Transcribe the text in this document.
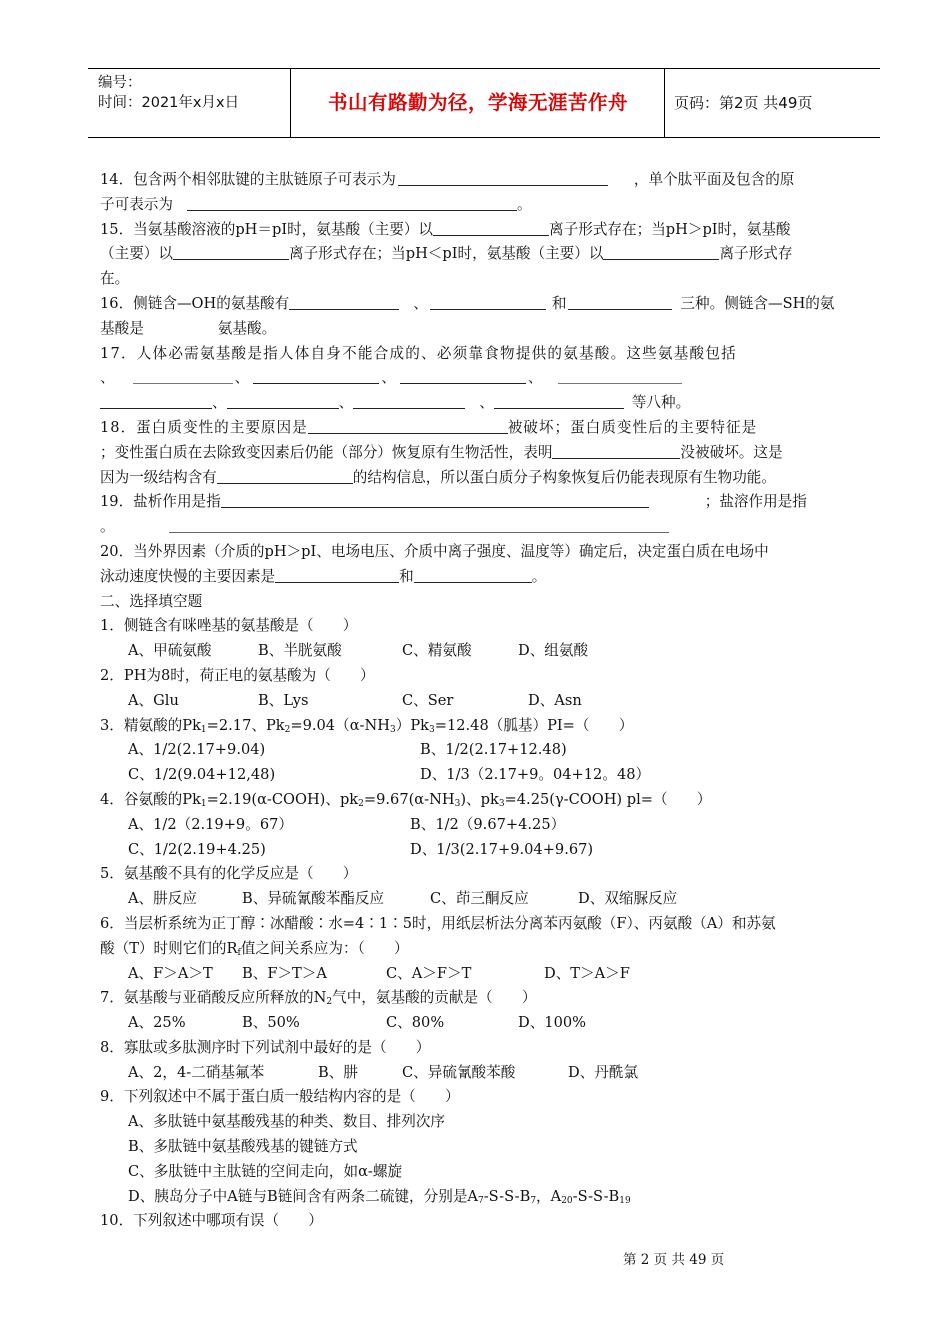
编号：
时间：2021年x月x日	书山有路勤为径，学海无涯苦作舟	页码：第2页 共49页
14．包含两个相邻肽键的主肽链原子可表示为	，单个肽平面及包含的原
子可表示为	。
15．当氨基酸溶液的pH＝pI时，氨基酸（主要）以	离子形式存在；当pH＞pI时，氨基酸
（主要）以	离子形式存在；当pH＜pI时，氨基酸（主要）以	离子形式存
在。
16．侧链含—OH的氨基酸有	、	和	三种。侧链含—SH的氨
基酸是	氨基酸。
17．人体必需氨基酸是指人体自身不能合成的、必须靠食物提供的氨基酸。这些氨基酸包括
、	、	、	、
、	、	、	等八种。
18．蛋白质变性的主要原因是	被破坏；蛋白质变性后的主要特征是
；变性蛋白质在去除致变因素后仍能（部分）恢复原有生物活性，表明	没被破坏。这是
因为一级结构含有	的结构信息，所以蛋白质分子构象恢复后仍能表现原有生物功能。
19．盐析作用是指	；盐溶作用是指
。
20．当外界因素（介质的pH＞pI、电场电压、介质中离子强度、温度等）确定后，决定蛋白质在电场中
泳动速度快慢的主要因素是	和	。
二、选择填空题
1．侧链含有咪唑基的氨基酸是（　　）
A、甲硫氨酸	B、半胱氨酸	C、精氨酸	D、组氨酸
2．PH为8时，荷正电的氨基酸为（　　）
A、Glu	B、Lys	C、Ser	D、Asn
3．精氨酸的$Pk_1=2.17$、$Pk_2=9.04(\alpha-NH_3)Pk_3=12.48$（胍基）PI=（　　）
A、1/2(2.17+9.04)	B、1/2(2.17+12.48)
C、1/2(9.04+12,48)	D、1/3（2.17+9。04+12。48）
4．谷氨酸的$Pk_1=2.19(\alpha-COOH)$、$pk_2=9.67(\alpha-NH_3)$、$pk_3=4.25(\gamma-COOH)$ pl=（　　）
A、1/2（2.19+9。67）	B、1/2（9.67+4.25）
C、1/2(2.19+4.25)	D、1/3(2.17+9.04+9.67)
5．氨基酸不具有的化学反应是（　　）
A、肼反应	B、异硫氰酸苯酯反应	C、茚三酮反应	D、双缩脲反应
6．当层析系统为正丁醇∶冰醋酸∶水=4∶1∶5时，用纸层析法分离苯丙氨酸（F）、丙氨酸（A）和苏氨
酸（T）时则它们的$R_f$值之间关系应为：（　　）
A、F＞A＞T B、F＞T＞A	C、A＞F＞T	D、T＞A＞F
7．氨基酸与亚硝酸反应所释放的$N_2$气中，氨基酸的贡献是（　　）
A、25%	B、50%	C、80%	D、100%
8．寡肽或多肽测序时下列试剂中最好的是（　　）
A、2，4-二硝基氟苯	B、肼	C、异硫氰酸苯酸	D、丹酰氯
9．下列叙述中不属于蛋白质一般结构内容的是（　　）
A、多肽链中氨基酸残基的种类、数目、排列次序
B、多肽链中氨基酸残基的键链方式
C、多肽链中主肽链的空间走向，如α-螺旋
D、胰岛分子中A链与B链间含有两条二硫键，分别是$A_7-S-S-B_7$，$A_{20}-S-S-B_{19}$
10．下列叙述中哪项有误（　　）
第 2 页 共 49 页
